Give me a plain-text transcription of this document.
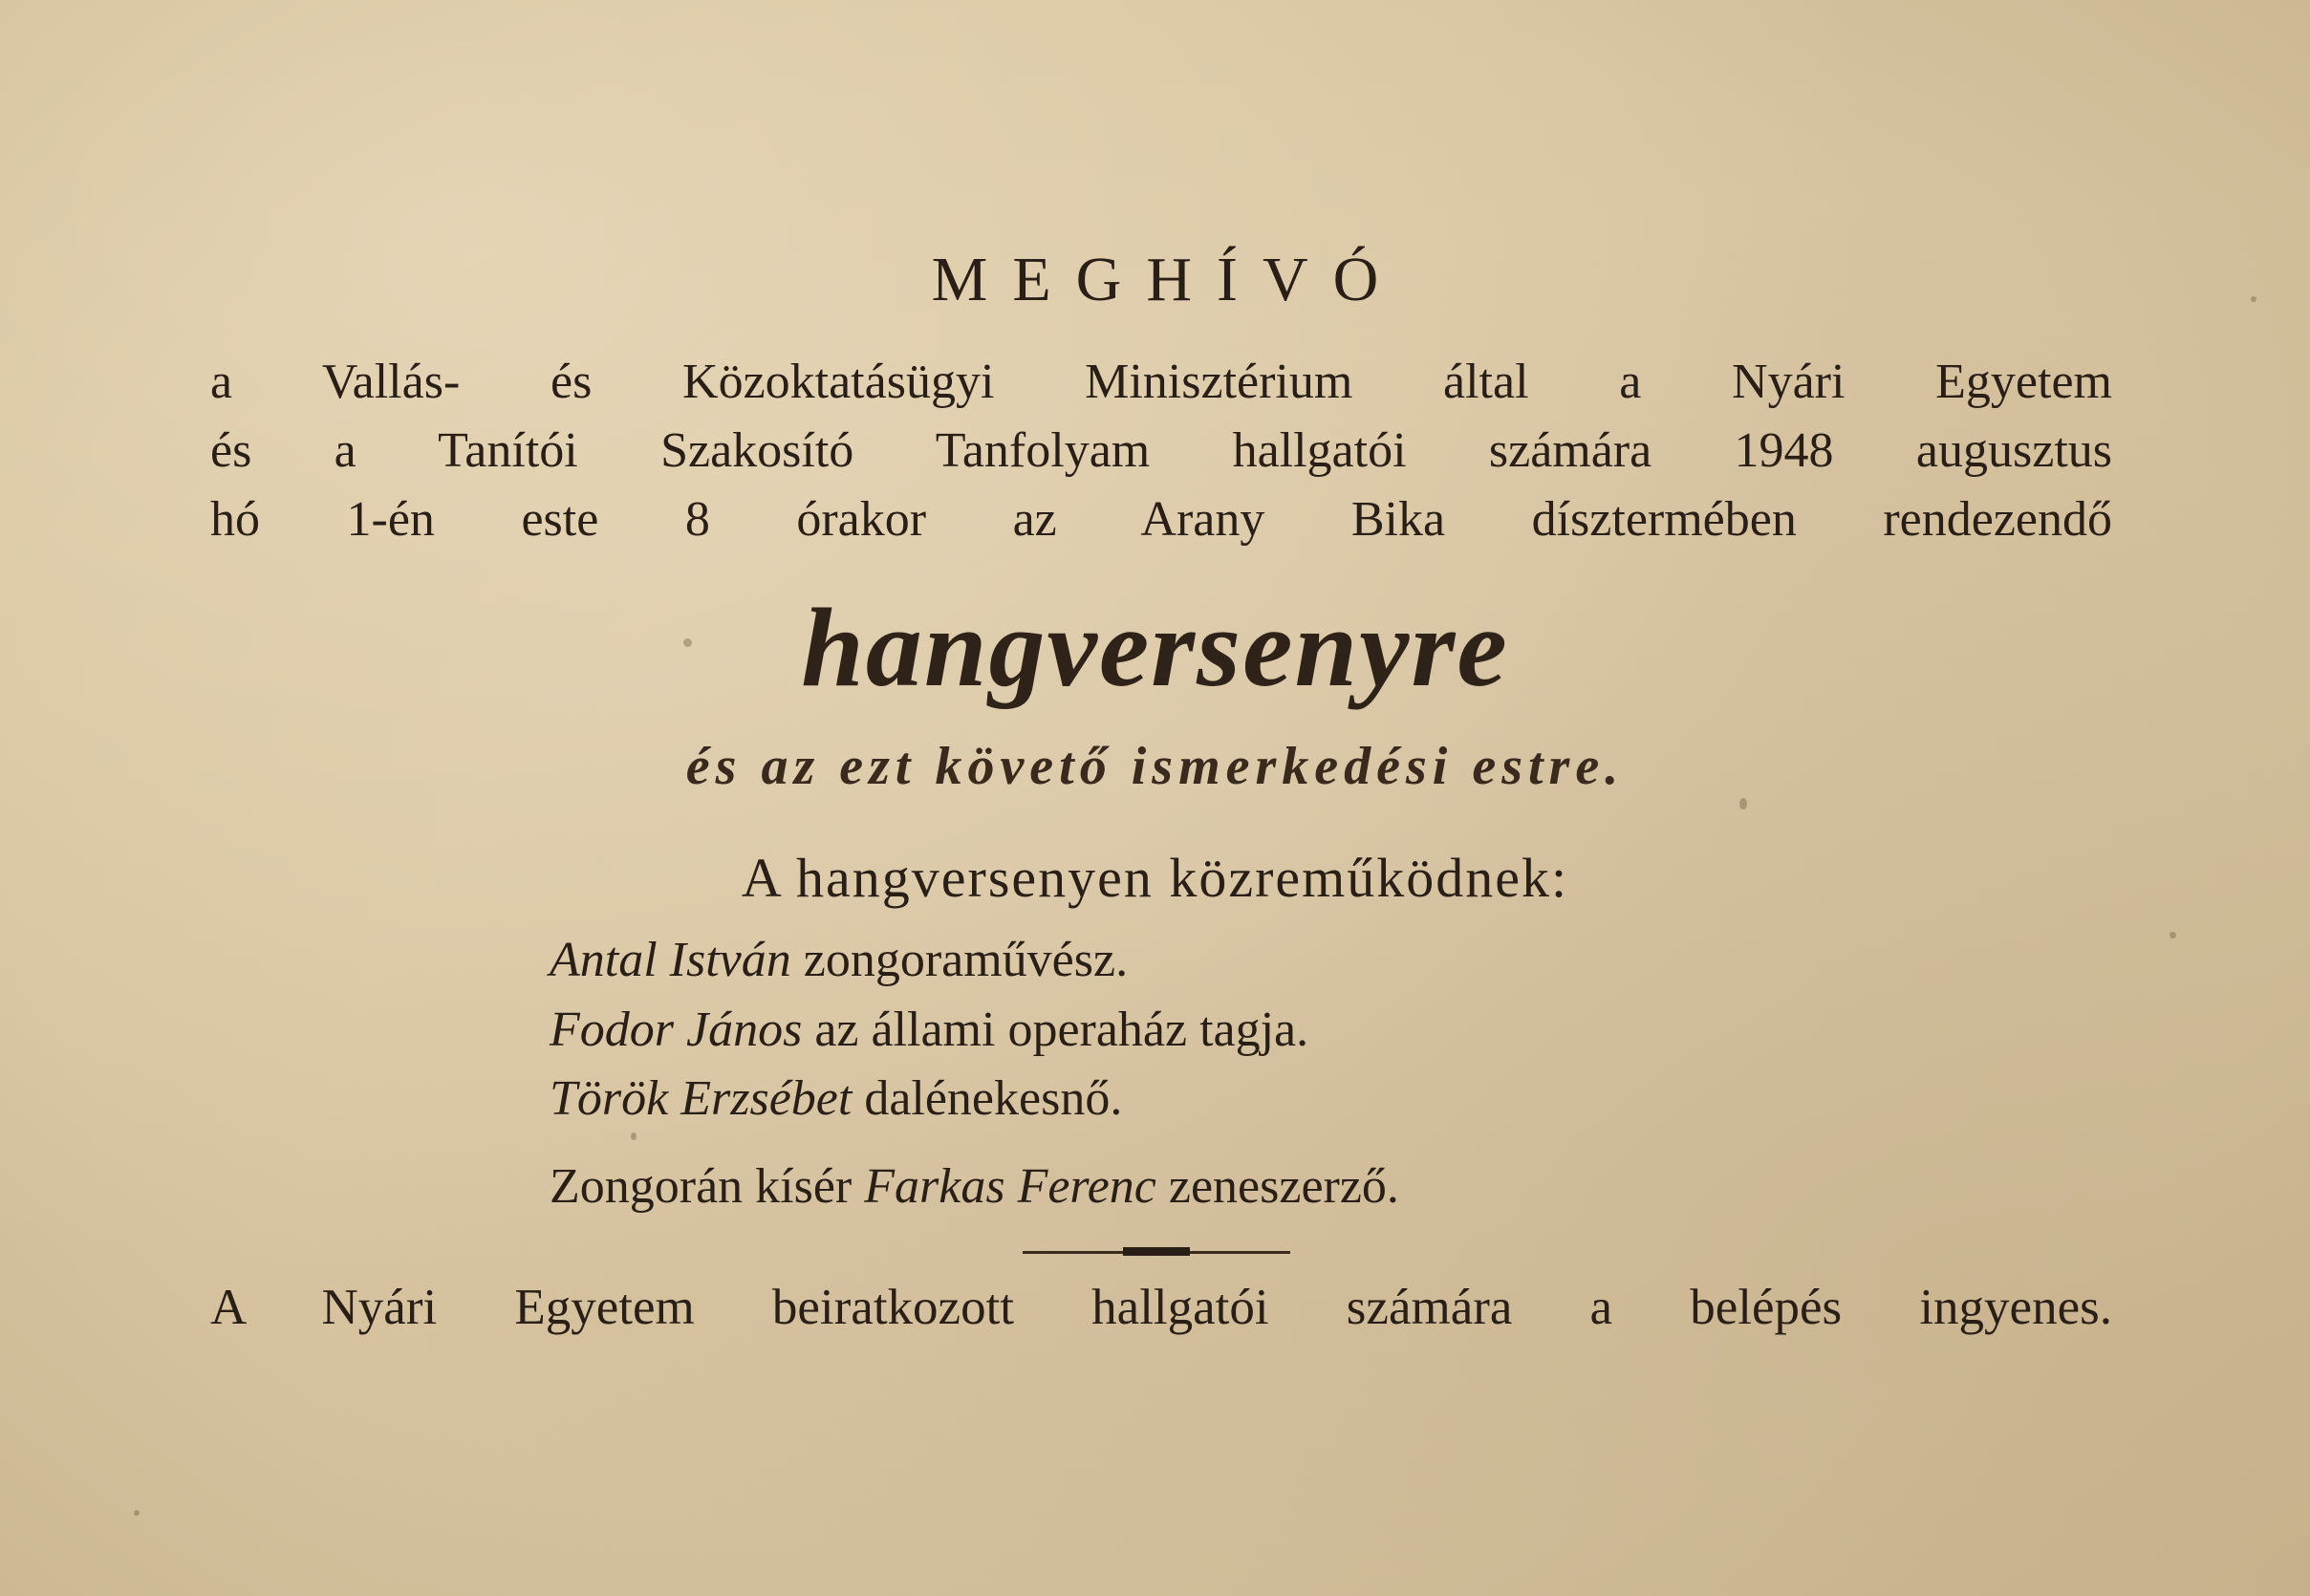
MEGHÍVÓ
a Vallás- és Közoktatásügyi Minisztérium által a Nyári Egyetem
és a Tanítói Szakosító Tanfolyam hallgatói számára 1948 augusztus
hó 1-én este 8 órakor az Arany Bika dísztermében rendezendő
hangversenyre
és az ezt követő ismerkedési estre.
A hangversenyen közreműködnek:
Antal István zongoraművész.
Fodor János az állami operaház tagja.
Török Erzsébet dalénekesnő.
Zongorán kísér Farkas Ferenc zeneszerző.
A Nyári Egyetem beiratkozott hallgatói számára a belépés ingyenes.
